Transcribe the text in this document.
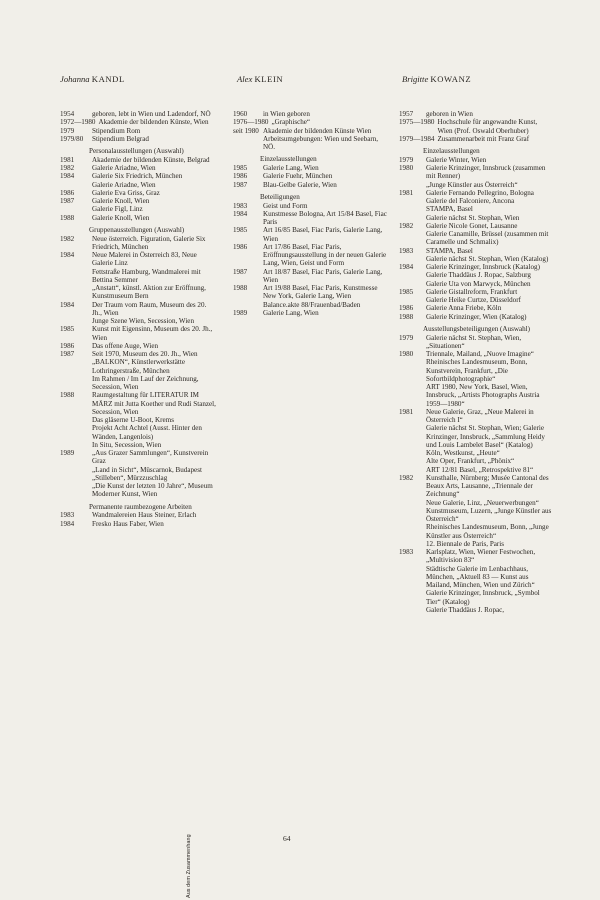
Johanna KANDL
1954	geboren, lebt in Wien und Ladendorf, NÖ
1972—1980 Akademie der bildenden Künste, Wien
1979	Stipendium Rom
1979/80	Stipendium Belgrad
Personalausstellungen (Auswahl)
1981	Akademie der bildenden Künste, Belgrad
1982	Galerie Ariadne, Wien
1984	Galerie Six Friedrich, München
Galerie Ariadne, Wien
1986	Galerie Eva Griss, Graz
1987	Galerie Knoll, Wien
Galerie Figl, Linz
1988	Galerie Knoll, Wien
Gruppenausstellungen (Auswahl)
1982	Neue österreich. Figuration, Galerie Six Friedrich, München
1984	Neue Malerei in Österreich 83, Neue Galerie Linz
Fettstraße Hamburg, Wandmalerei mit Bettina Semmer
„Anstatt“, künstl. Aktion zur Eröffnung, Kunstmuseum Bern
1984	Der Traum vom Raum, Museum des 20. Jh., Wien
Junge Szene Wien, Secession, Wien
1985	Kunst mit Eigensinn, Museum des 20. Jh., Wien
1986	Das offene Auge, Wien
1987	Seit 1970, Museum des 20. Jh., Wien
„BALKON“, Künstlerwerkstätte Lothringerstraße, München
Im Rahmen / Im Lauf der Zeichnung, Secession, Wien
1988	Raumgestaltung für LITERATUR IM MÄRZ mit Jutta Koether und Rudi Stanzel, Secession, Wien
Das gläserne U-Boot, Krems
Projekt Acht Achtel (Ausst. Hinter den Wänden, Langenlois)
In Situ, Secession, Wien
1989	„Aus Grazer Sammlungen“, Kunstverein Graz
„Land in Sicht“, Müscarnok, Budapest
„Stilleben“, Mürzzuschlag
„Die Kunst der letzten 10 Jahre“, Museum Moderner Kunst, Wien
Permanente raumbezogene Arbeiten
1983	Wandmalereien Haus Steiner, Erlach
1984	Fresko Haus Faber, Wien
Alex KLEIN
1960	in Wien geboren
1976—1980 „Graphische“
seit 1980 Akademie der bildenden Künste Wien
Arbeitsumgebungen: Wien und Seebarn, NÖ.
Einzelausstellungen
1985	Galerie Lang, Wien
1986	Galerie Fuehr, München
1987	Blau-Gelbe Galerie, Wien
Beteiligungen
1983	Geist und Form
1984	Kunstmesse Bologna, Art 15/84 Basel, Fiac Paris
1985	Art 16/85 Basel, Fiac Paris, Galerie Lang, Wien
1986	Art 17/86 Basel, Fiac Paris, Eröffnungsausstellung in der neuen Galerie Lang, Wien, Geist und Form
1987	Art 18/87 Basel, Fiac Paris, Galerie Lang, Wien
1988	Art 19/88 Basel, Fiac Paris, Kunstmesse New York, Galerie Lang, Wien
Balance.akte 88/Frauenbad/Baden
1989	Galerie Lang, Wien
Brigitte KOWANZ
1957	geboren in Wien
1975—1980 Hochschule für angewandte Kunst, Wien (Prof. Oswald Oberhuber)
1979—1984 Zusammenarbeit mit Franz Graf
Einzelausstellungen
1979	Galerie Winter, Wien
1980	Galerie Krinzinger, Innsbruck (zusammen mit Renner)
„Junge Künstler aus Österreich“
1981	Galerie Fernando Pellegrino, Bologna
Galerie del Falconiere, Ancona
STAMPA, Basel
Galerie nächst St. Stephan, Wien
1982	Galerie Nicole Gonet, Lausanne
Galerie Canamille, Brüssel (zusammen mit Caramelle und Schmalix)
1983	STAMPA, Basel
Galerie nächst St. Stephan, Wien (Katalog)
1984	Galerie Krinzinger, Innsbruck (Katalog)
Galerie Thaddäus J. Ropac, Salzburg
Galerie Uta von Marwyck, München
1985	Galerie Gistallreform, Frankfurt
Galerie Heike Curtze, Düsseldorf
1986	Galerie Anna Friebe, Köln
1988	Galerie Krinzinger, Wien (Katalog)
Ausstellungsbeteiligungen (Auswahl)
1979	Galerie nächst St. Stephan, Wien, „Situationen“
1980	Triennale, Mailand, „Nuove Imagine“
Rheinisches Landesmuseum, Bonn, Kunstverein, Frankfurt, „Die Sofortbildphotographie“
ART 1980, New York, Basel, Wien, Innsbruck, „Artists Photographs Austria 1959—1980“
1981	Neue Galerie, Graz, „Neue Malerei in Österreich I“
Galerie nächst St. Stephan, Wien; Galerie Krinzinger, Innsbruck, „Sammlung Heidy und Louis Lambelet Basel“ (Katalog)
Köln, Westkunst, „Heute“
Alte Oper, Frankfurt, „Phönix“
ART 12/81 Basel, „Retrospektive 81“
1982	Kunsthalle, Nürnberg; Musée Cantonal des Beaux Arts, Lausanne, „Triennale der Zeichnung“
Neue Galerie, Linz, „Neuerwerbungen“
Kunstmuseum, Luzern, „Junge Künstler aus Österreich“
Rheinisches Landesmuseum, Bonn, „Junge Künstler aus Österreich“
12. Biennale de Paris, Paris
1983	Karlsplatz, Wien, Wiener Festwochen, „Multivision 83“
Städtische Galerie im Lenbachhaus, München, „Aktuell 83 — Kunst aus Mailand, München, Wien und Zürich“
Galerie Krinzinger, Innsbruck, „Symbol Tier“ (Katalog)
Galerie Thaddäus J. Ropac,
64
Aus dem Zusammenhang
